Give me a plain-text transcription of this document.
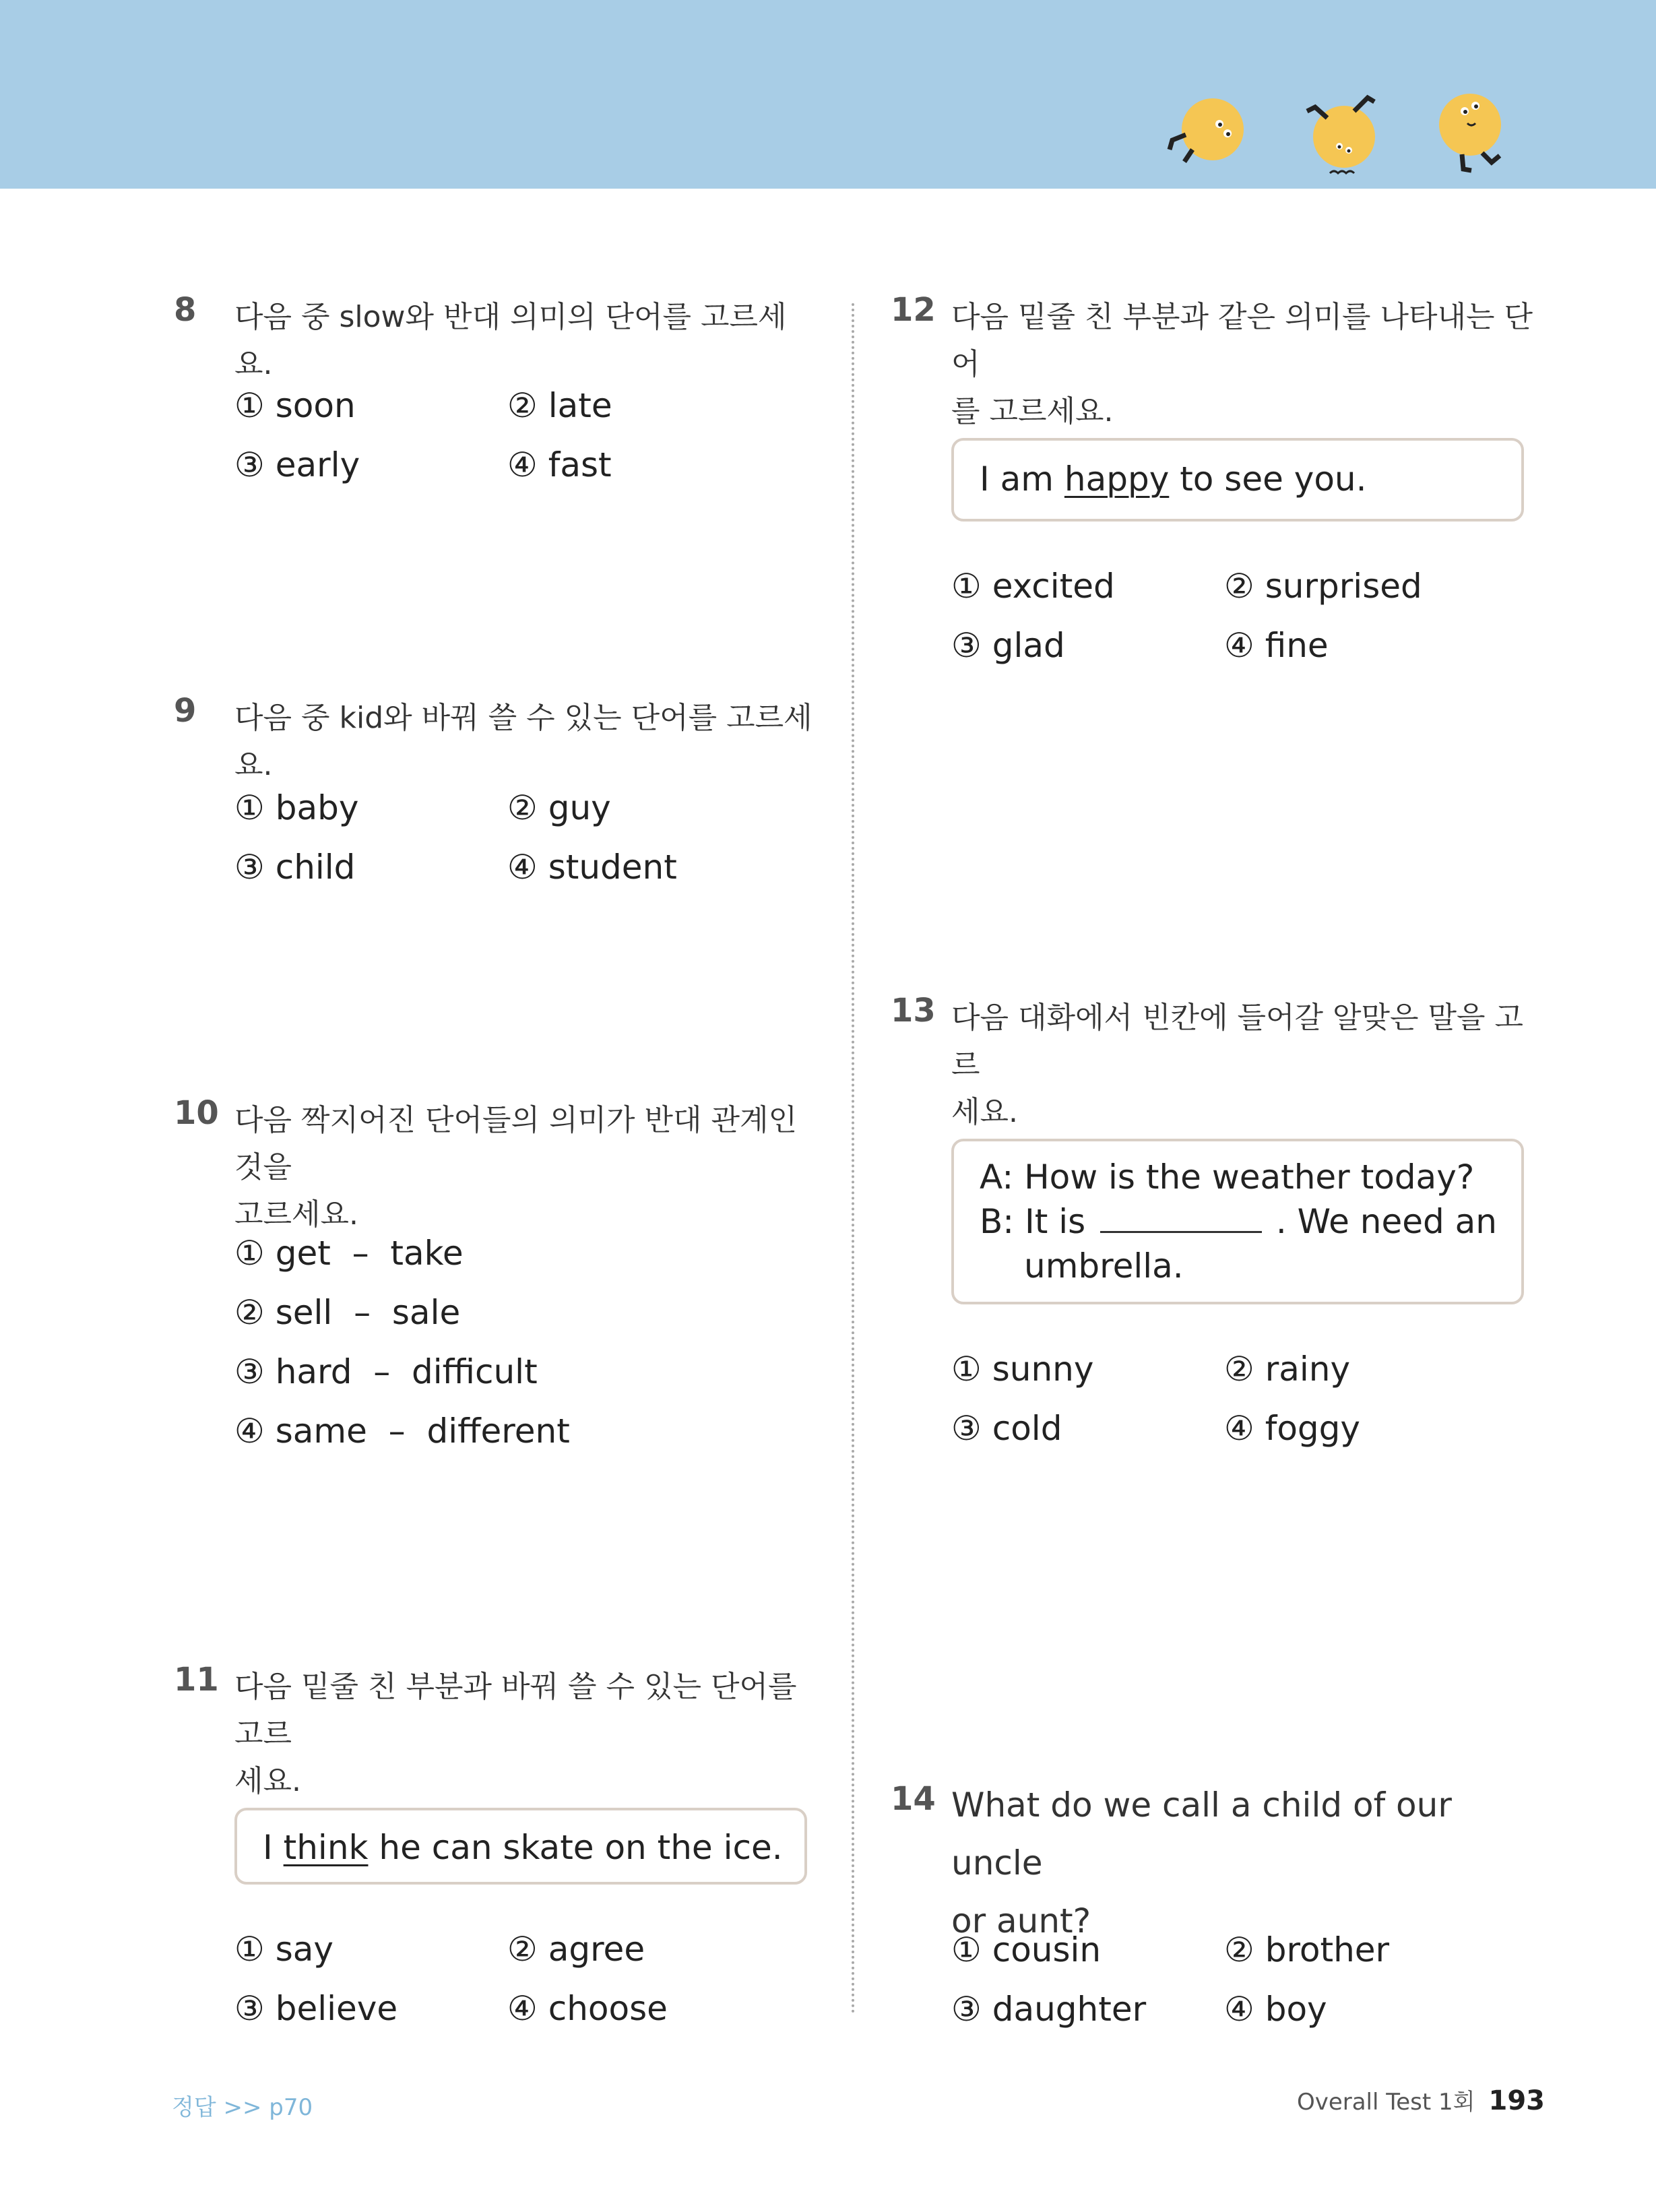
8 다음 중 slow와 반대 의미의 단어를 고르세요.
① soon	② late
③ early	④ fast
9 다음 중 kid와 바꿔 쓸 수 있는 단어를 고르세요.
① baby	② guy
③ child	④ student
10 다음 짝지어진 단어들의 의미가 반대 관계인 것을
고르세요.
① get  –  take
② sell  –  sale
③ hard  –  difficult
④ same  –  different
11 다음 밑줄 친 부분과 바꿔 쓸 수 있는 단어를 고르
세요.
I think he can skate on the ice.
① say	② agree
③ believe	④ choose
12 다음 밑줄 친 부분과 같은 의미를 나타내는 단어
를 고르세요.
I am happy to see you.
① excited	② surprised
③ glad	④ fine
13 다음 대화에서 빈칸에 들어갈 알맞은 말을 고르
세요.
A: How is the weather today?
B: It is	. We need an
umbrella.
① sunny	② rainy
③ cold	④ foggy
14 What do we call a child of our uncle
or aunt?
① cousin	② brother
③ daughter ④ boy
정답 >> p70	Overall Test 1회 193
